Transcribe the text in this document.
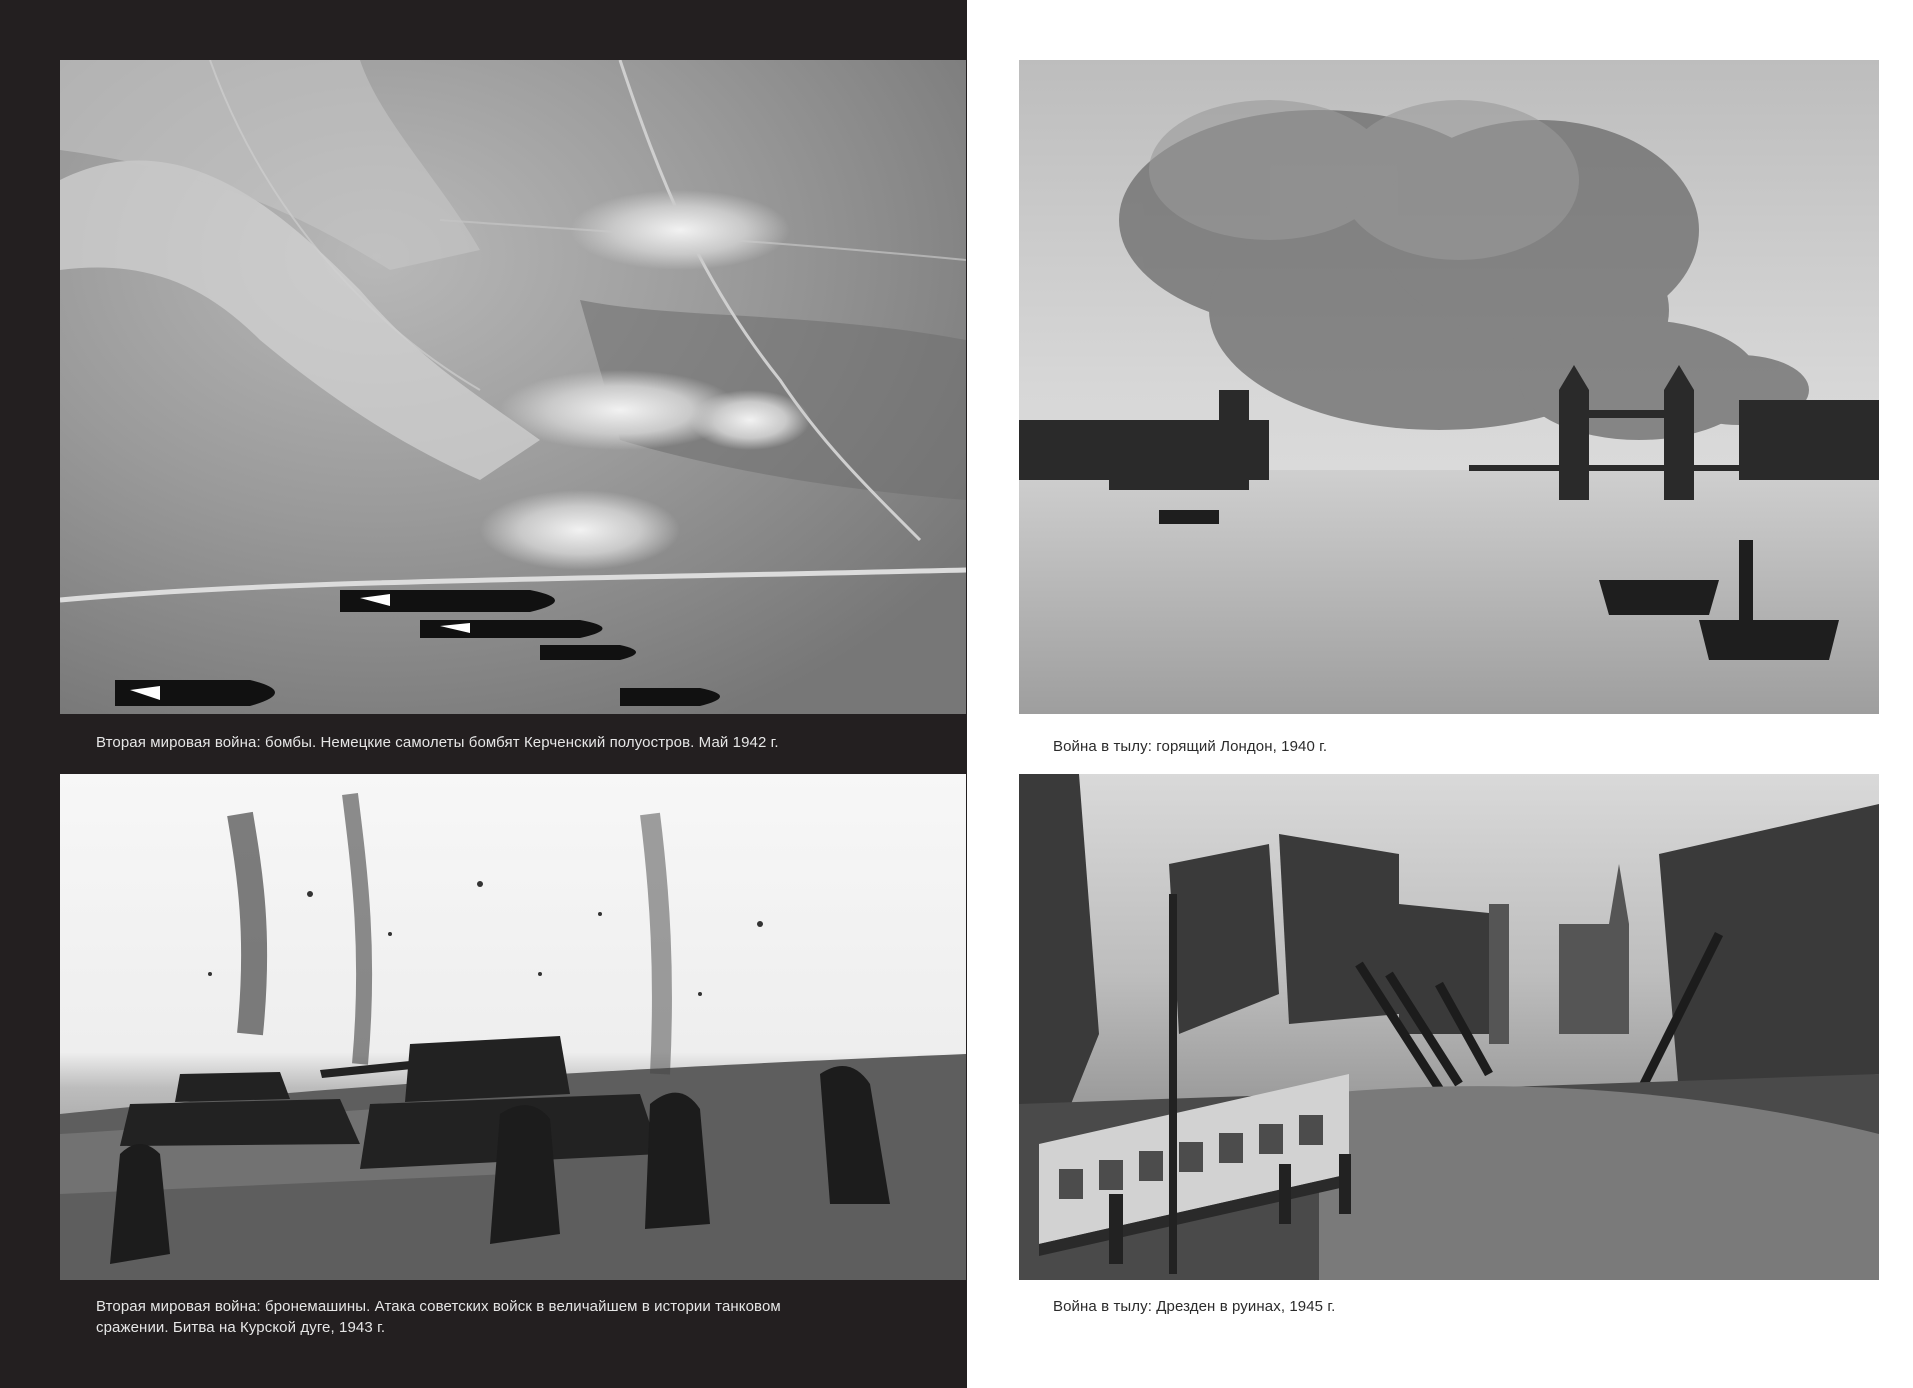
Вторая мировая война: бомбы. Немецкие самолеты бомбят Керченский полуостров. Май 1942 г.
Вторая мировая война: бронемашины. Атака советских войск в величайшем в истории танковом
сражении. Битва на Курской дуге, 1943 г.
Война в тылу: горящий Лондон, 1940 г.
Война в тылу: Дрезден в руинах, 1945 г.
